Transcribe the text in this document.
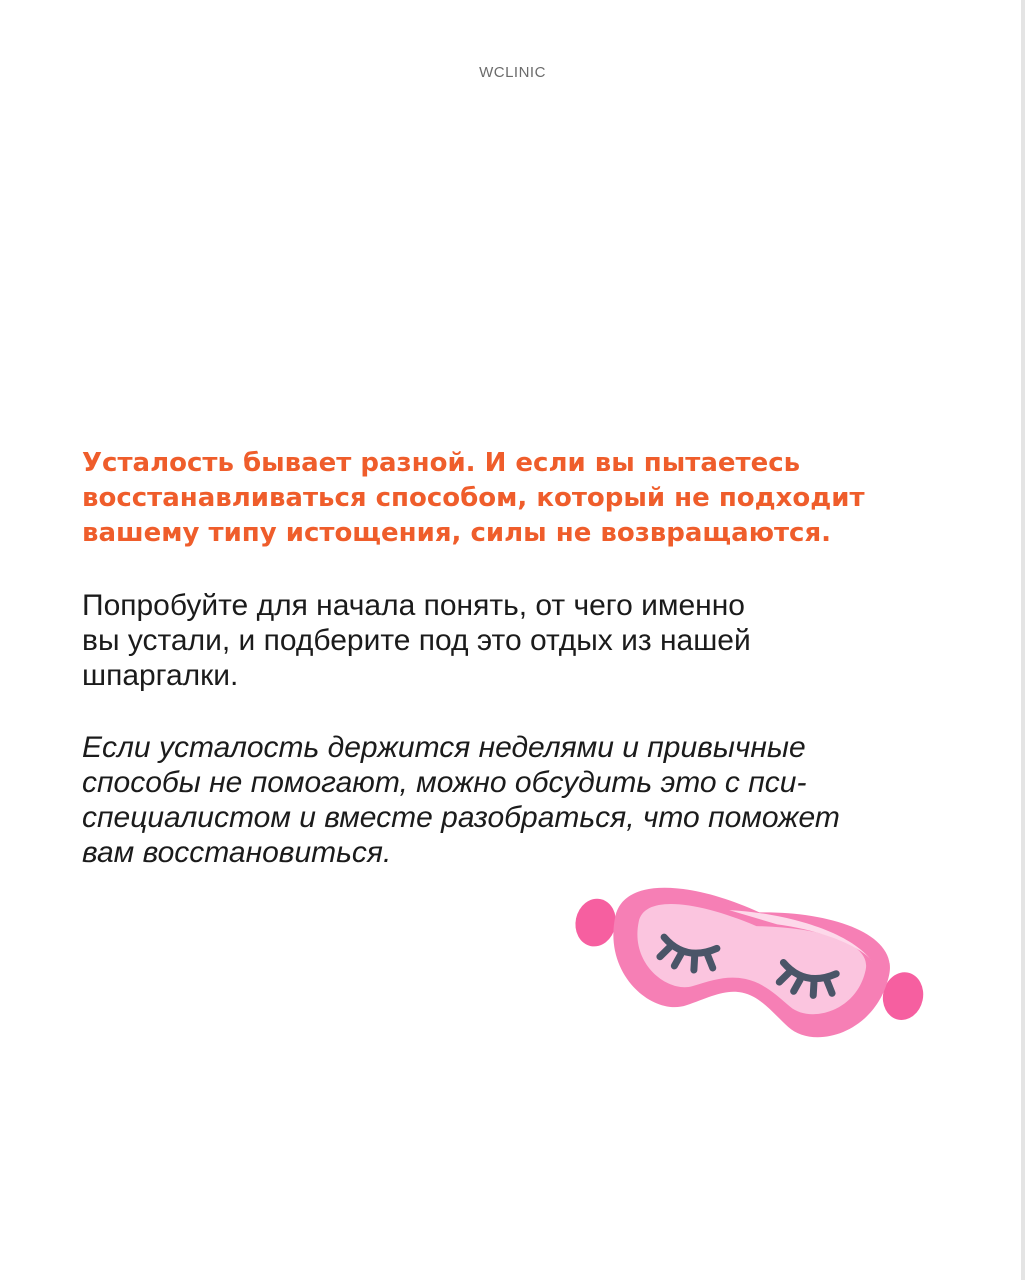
WCLINIC

Усталость бывает разной. И если вы пытаетесь
восстанавливаться способом, который не подходит
вашему типу истощения, силы не возвращаются.

Попробуйте для начала понять, от чего именно
вы устали, и подберите под это отдых из нашей
шпаргалки.

Если усталость держится неделями и привычные
способы не помогают, можно обсудить это с пси-
специалистом и вместе разобраться, что поможет
вам восстановиться.
